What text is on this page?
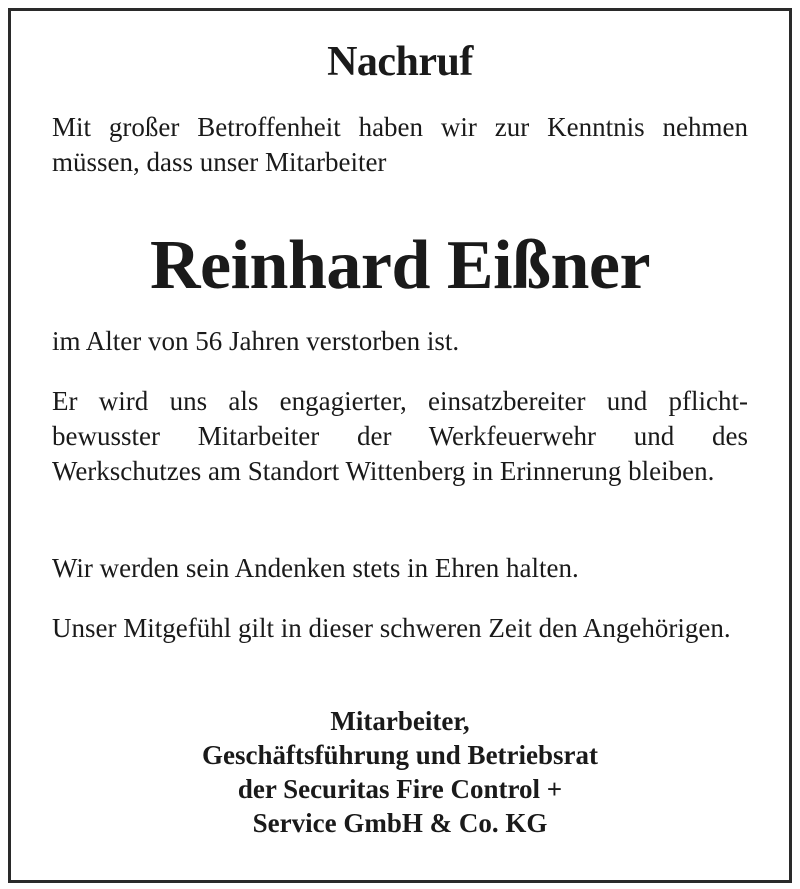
Nachruf

Mit großer Betroffenheit haben wir zur Kenntnis nehmen müssen, dass unser Mitarbeiter

Reinhard Eißner

im Alter von 56 Jahren verstorben ist.

Er wird uns als engagierter, einsatzbereiter und pflicht-bewusster Mitarbeiter der Werkfeuerwehr und des Werkschutzes am Standort Wittenberg in Erinnerung bleiben.

Wir werden sein Andenken stets in Ehren halten.

Unser Mitgefühl gilt in dieser schweren Zeit den Angehörigen.

Mitarbeiter,
Geschäftsführung und Betriebsrat
der Securitas Fire Control +
Service GmbH & Co. KG
